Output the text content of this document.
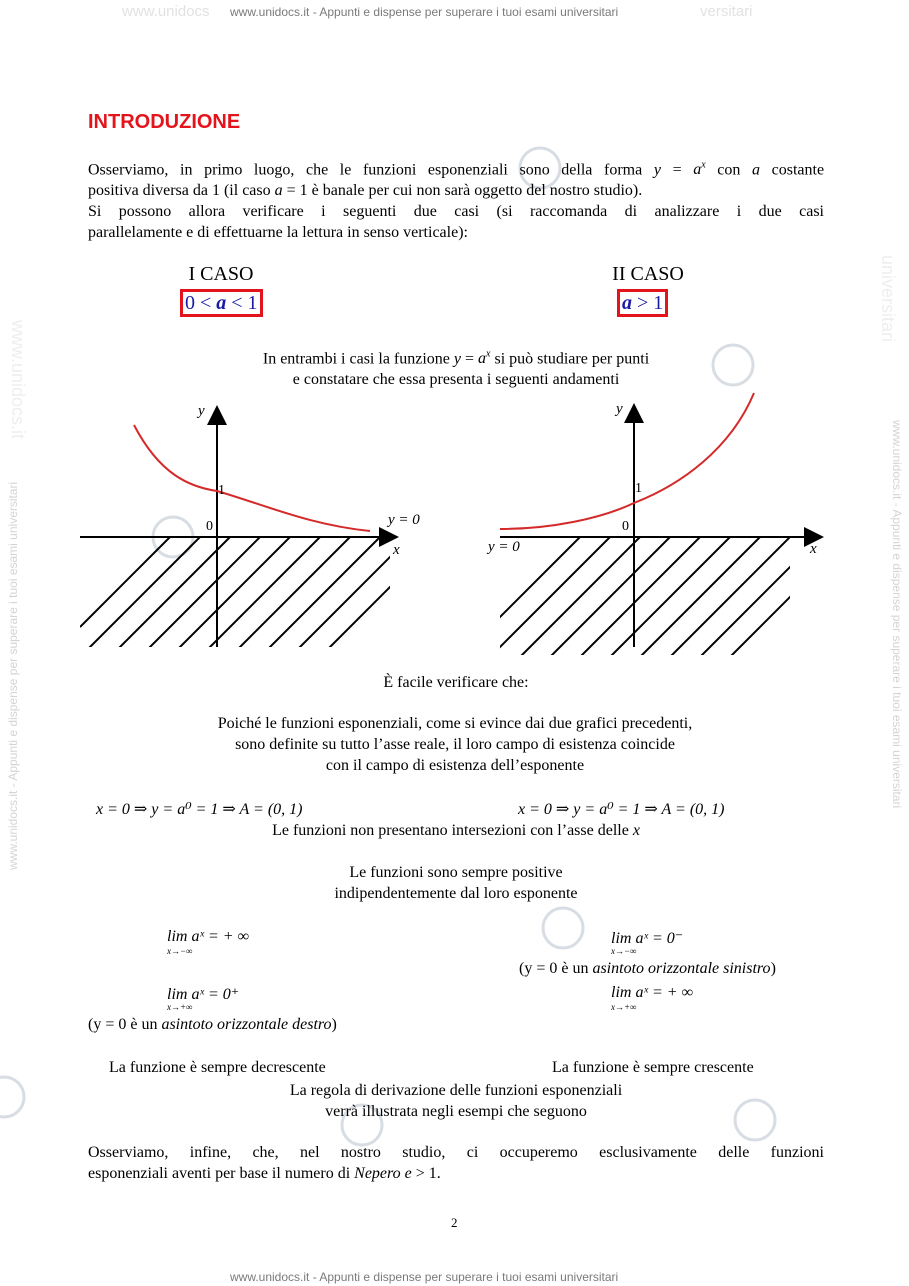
www.unidocs www.unidocs.it - Appunti e dispense per superare i tuoi esami universitari	versitari
www.unidocs.it - Appunti e dispense per superare i tuoi esami universitari
www.unidocs.it
www.unidocs.it - Appunti e dispense per superare i tuoi esami universitari	www.unidocs.it - Appunti e dispense per superare i tuoi esami universitari
universitari
INTRODUZIONE
Osserviamo, in primo luogo, che le funzioni esponenziali sono della forma $y = a^x$ con a costante
positiva diversa da 1 (il caso a = 1 è banale per cui non sarà oggetto del nostro studio).
Si possono allora verificare i seguenti due casi (si raccomanda di analizzare i due casi
parallelamente e di effettuarne la lettura in senso verticale):
I CASO
0 < a < 1
II CASO
a > 1
In entrambi i casi la funzione $y = a^x$ si può studiare per punti
e constatare che essa presenta i seguenti andamenti
y
x
1
0	y = 0
y
x
1
0
y = 0
È facile verificare che:
Poiché le funzioni esponenziali, come si evince dai due grafici precedenti,
sono definite su tutto l’asse reale, il loro campo di esistenza coincide
con il campo di esistenza dell’esponente
x = 0 ⇒ y = a⁰ = 1 ⇒ A = (0, 1)	x = 0 ⇒ y = a⁰ = 1 ⇒ A = (0, 1)
Le funzioni non presentano intersezioni con l’asse delle x
Le funzioni sono sempre positive
indipendentemente dal loro esponente
lim aˣ = + ∞
x→−∞
lim aˣ = 0⁺
x→+∞
(y = 0 è un asintoto orizzontale destro)
lim aˣ = 0⁻
x→−∞
(y = 0 è un asintoto orizzontale sinistro)
lim aˣ = + ∞
x→+∞
La funzione è sempre decrescente	La funzione è sempre crescente
La regola di derivazione delle funzioni esponenziali
verrà illustrata negli esempi che seguono
Osserviamo, infine, che, nel nostro studio, ci occuperemo esclusivamente delle funzioni
esponenziali aventi per base il numero di Nepero e > 1.
2
